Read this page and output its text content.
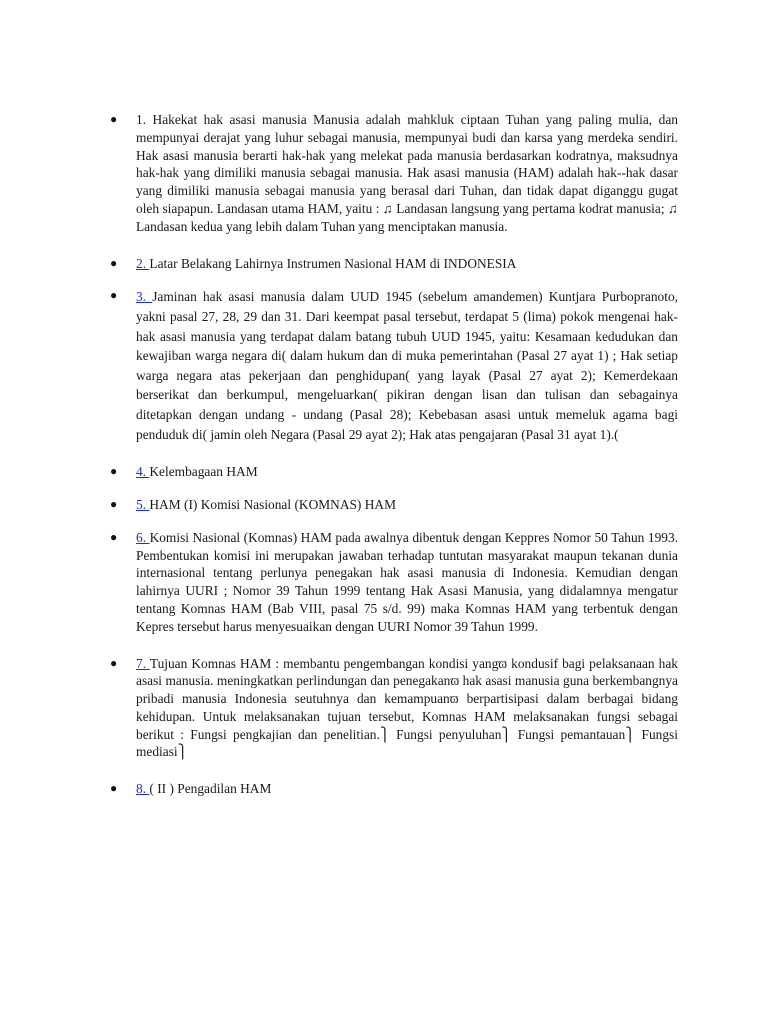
● 1. Hakekat hak asasi manusia Manusia adalah mahkluk ciptaan Tuhan yang paling mulia, dan mempunyai derajat yang luhur sebagai manusia, mempunyai budi dan karsa yang merdeka sendiri. Hak asasi manusia berarti hak-hak yang melekat pada manusia berdasarkan kodratnya, maksudnya hak-hak yang dimiliki manusia sebagai manusia. Hak asasi manusia (HAM) adalah hak--hak dasar yang dimiliki manusia sebagai manusia yang berasal dari Tuhan, dan tidak dapat diganggu gugat oleh siapapun. Landasan utama HAM, yaitu : ♫ Landasan langsung yang pertama kodrat manusia; ♫ Landasan kedua yang lebih dalam Tuhan yang menciptakan manusia.
● 2. Latar Belakang Lahirnya Instrumen Nasional HAM di INDONESIA
● 3. Jaminan hak asasi manusia dalam UUD 1945 (sebelum amandemen) Kuntjara Purbopranoto, yakni pasal 27, 28, 29 dan 31. Dari keempat pasal tersebut, terdapat 5 (lima) pokok mengenai hak-hak asasi manusia yang terdapat dalam batang tubuh UUD 1945, yaitu: Kesamaan kedudukan dan kewajiban warga negara di( dalam hukum dan di muka pemerintahan (Pasal 27 ayat 1) ; Hak setiap warga negara atas pekerjaan dan penghidupan( yang layak (Pasal 27 ayat 2); Kemerdekaan berserikat dan berkumpul, mengeluarkan( pikiran dengan lisan dan tulisan dan sebagainya ditetapkan dengan undang - undang (Pasal 28); Kebebasan asasi untuk memeluk agama bagi penduduk di( jamin oleh Negara (Pasal 29 ayat 2); Hak atas pengajaran (Pasal 31 ayat 1).(
● 4. Kelembagaan HAM
● 5. HAM (I) Komisi Nasional (KOMNAS) HAM
● 6. Komisi Nasional (Komnas) HAM pada awalnya dibentuk dengan Keppres Nomor 50 Tahun 1993. Pembentukan komisi ini merupakan jawaban terhadap tuntutan masyarakat maupun tekanan dunia internasional tentang perlunya penegakan hak asasi manusia di Indonesia. Kemudian dengan lahirnya UURI ; Nomor 39 Tahun 1999 tentang Hak Asasi Manusia, yang didalamnya mengatur tentang Komnas HAM (Bab VIII, pasal 75 s/d. 99) maka Komnas HAM yang terbentuk dengan Kepres tersebut harus menyesuaikan dengan UURI Nomor 39 Tahun 1999.
● 7. Tujuan Komnas HAM : membantu pengembangan kondisi yangϖ kondusif bagi pelaksanaan hak asasi manusia. meningkatkan perlindungan dan penegakanϖ hak asasi manusia guna berkembangnya pribadi manusia Indonesia seutuhnya dan kemampuanϖ berpartisipasi dalam berbagai bidang kehidupan. Untuk melaksanakan tujuan tersebut, Komnas HAM melaksanakan fungsi sebagai berikut : Fungsi pengkajian dan penelitian.⎫ Fungsi penyuluhan⎫ Fungsi pemantauan⎫ Fungsi mediasi⎫
● 8. ( II ) Pengadilan HAM
